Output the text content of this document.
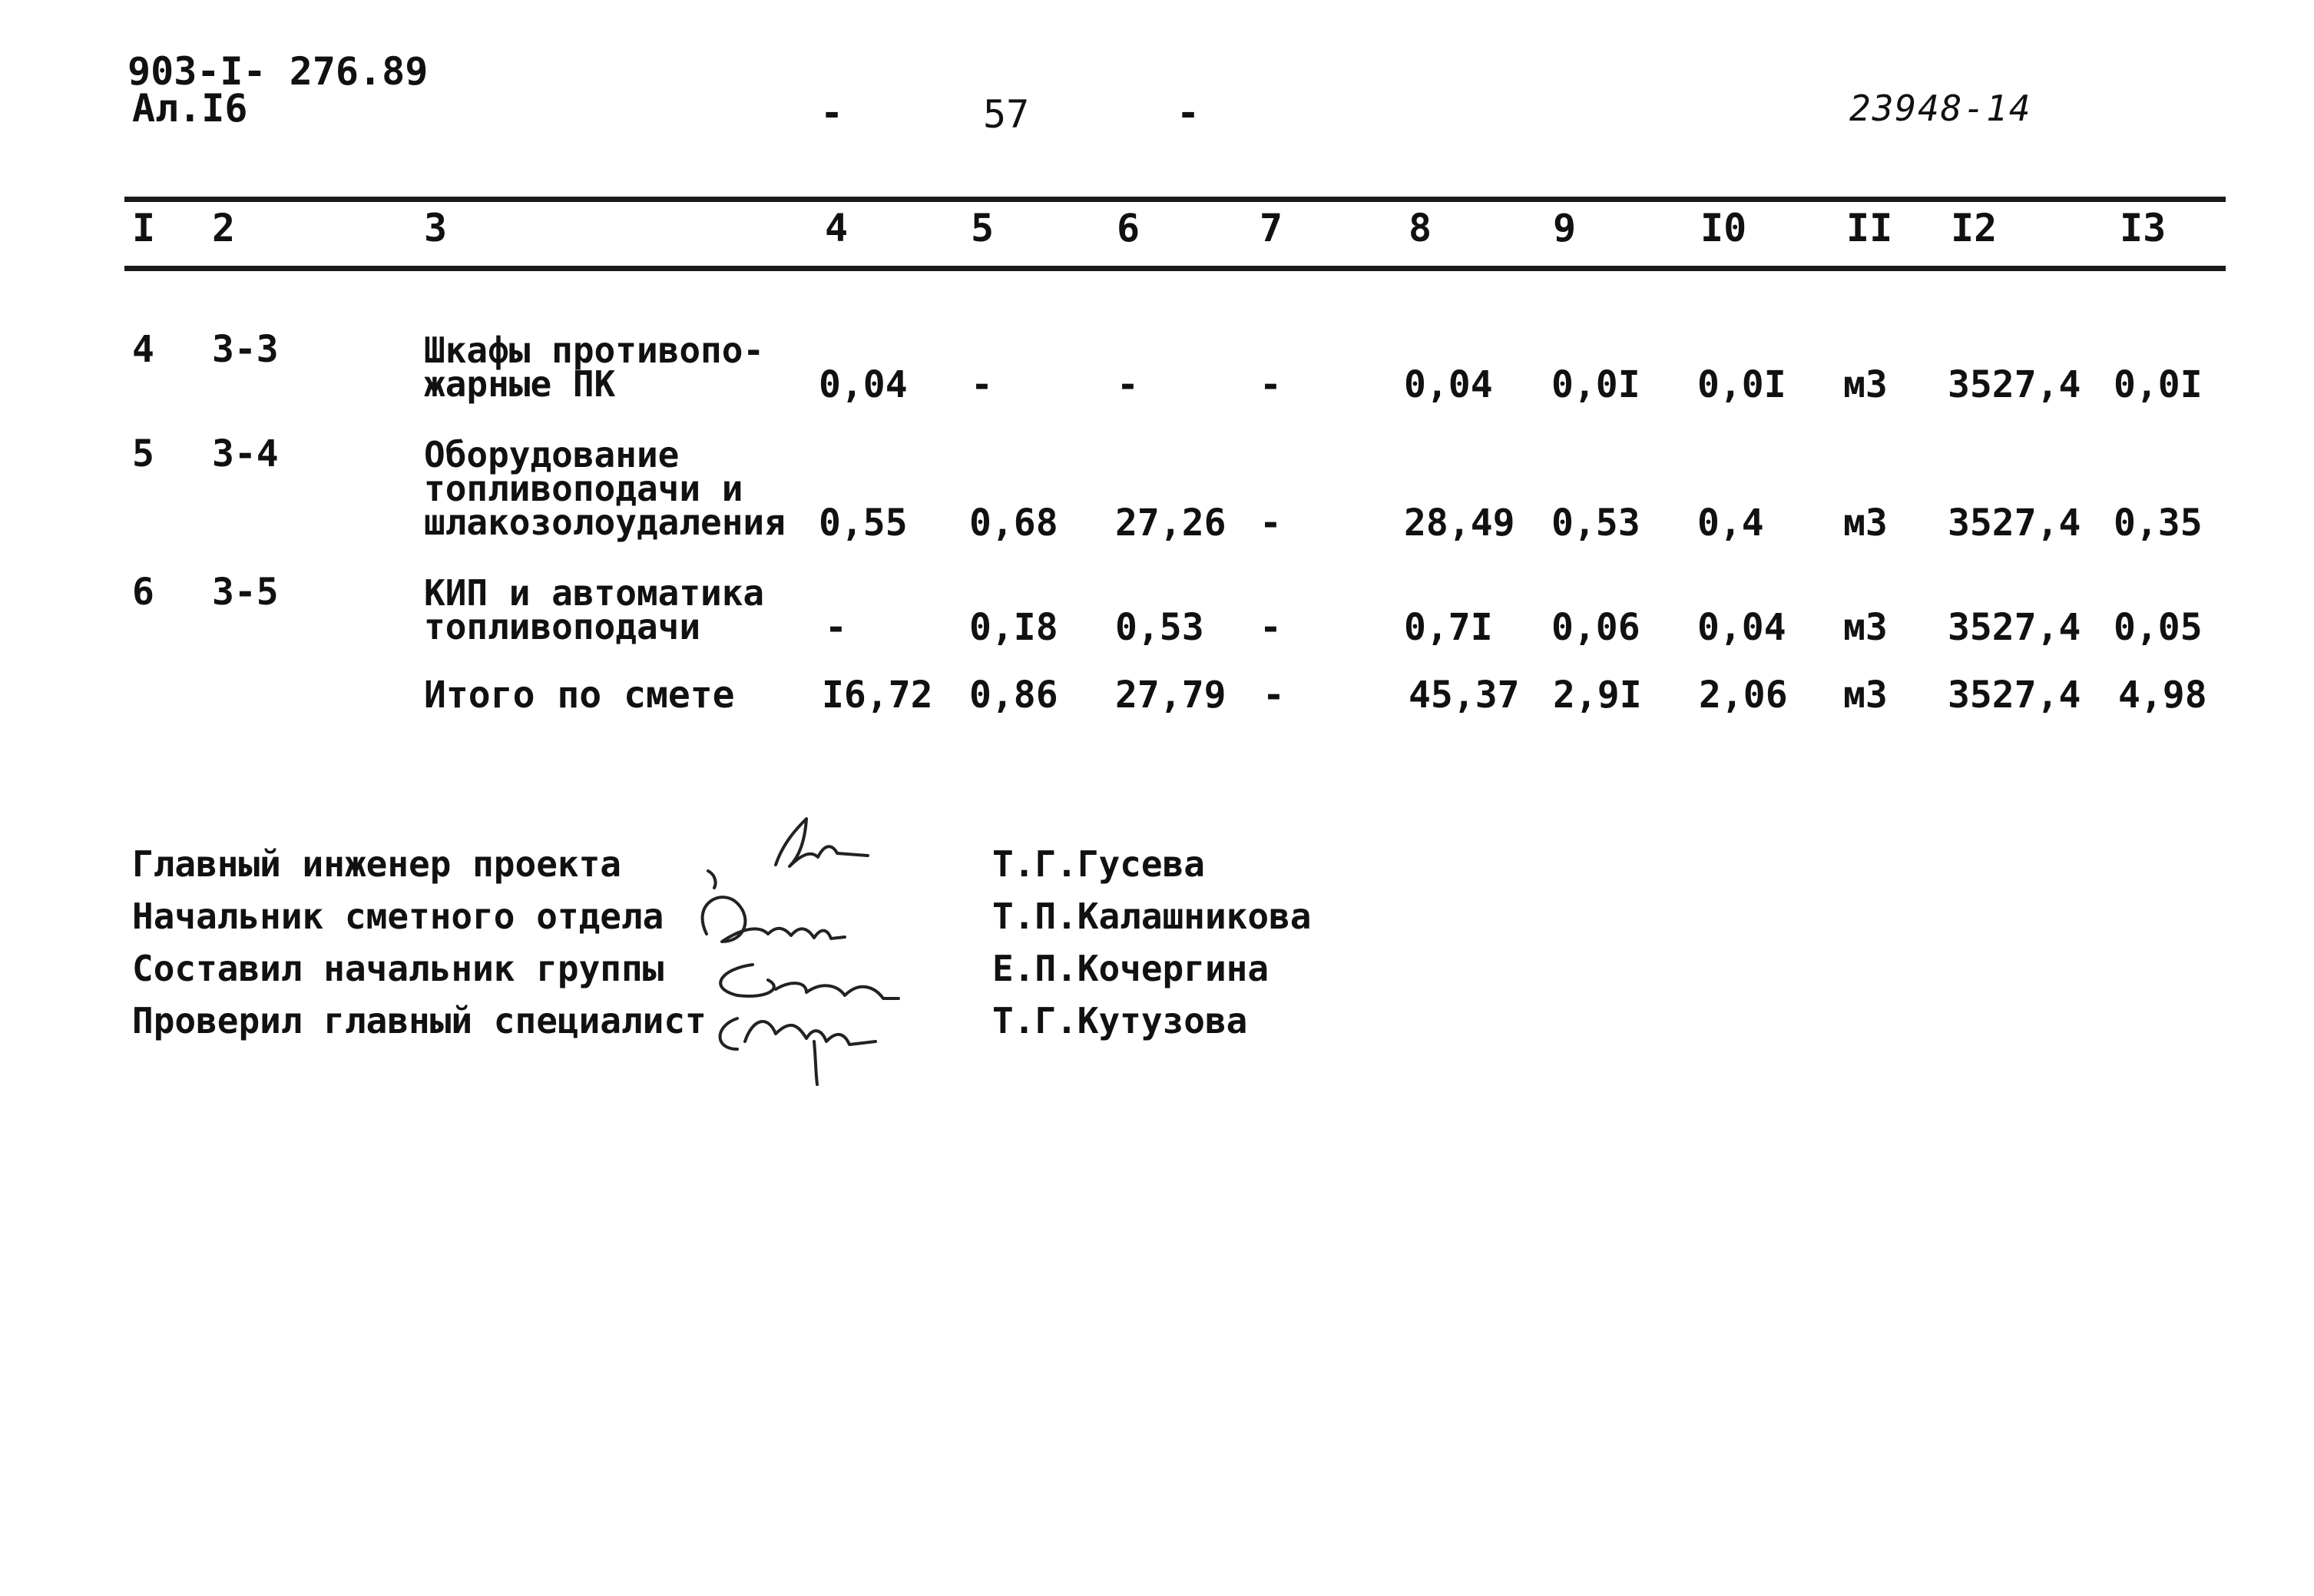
903-I- 276.89
Ал.I6	-	57	-	23948-14
I 2	3	4	5	6	7	8	9	I0	II I2	I3
4 3-3	Шкафы противопо-
жарные ПК	0,04 -	-	-	0,04 0,0I 0,0I м3 3527,4 0,0I
5 3-4	Оборудование
топливоподачи и
шлакозолоудаления 0,55 0,68 27,26 -	28,49 0,53 0,4 м3 3527,4 0,35
6 3-5	КИП и автоматика
топливоподачи	-	0,I8 0,53 -	0,7I 0,06 0,04 м3 3527,4 0,05
Итого по смете I6,72 0,86 27,79 -	45,37 2,9I 2,06 м3 3527,4 4,98
Главный инженер проекта
Начальник сметного отдела
Составил начальник группы
Проверил главный специалист
Т.Г.Гусева
Т.П.Калашникова
Е.П.Кочергина
Т.Г.Кутузова
